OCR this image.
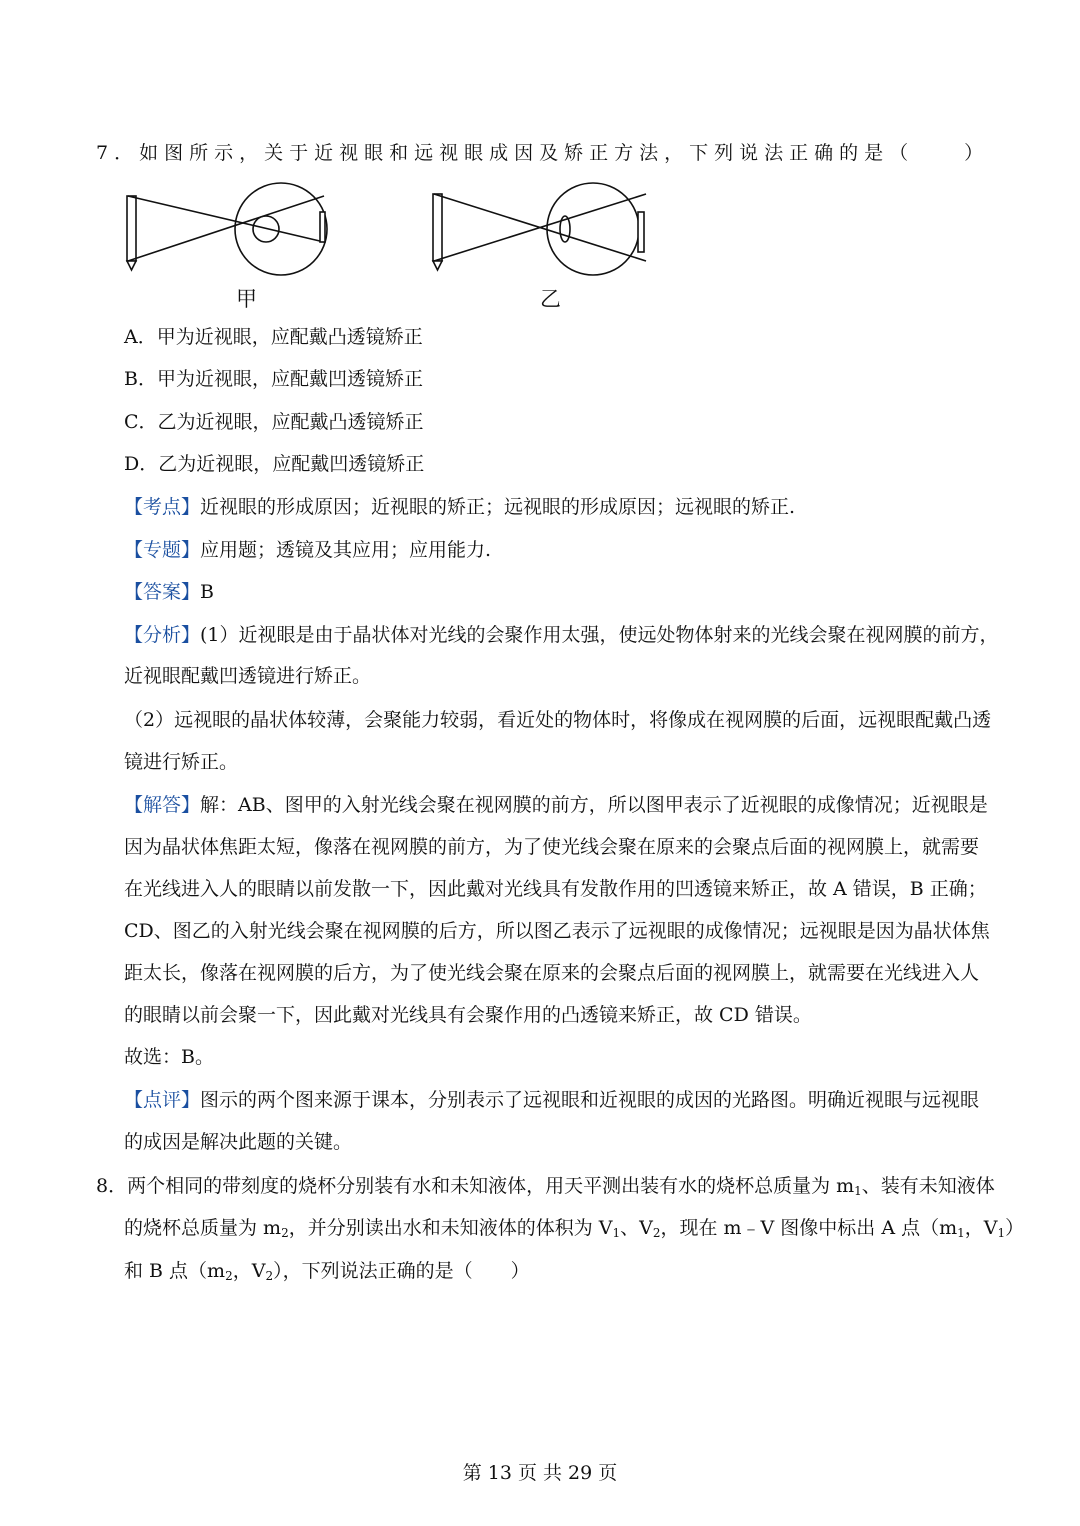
7．如图所示，关于近视眼和远视眼成因及矫正方法，下列说法正确的是（　　）
甲	乙
A．甲为近视眼，应配戴凸透镜矫正
B．甲为近视眼，应配戴凹透镜矫正
C．乙为近视眼，应配戴凸透镜矫正
D．乙为近视眼，应配戴凹透镜矫正
【考点】近视眼的形成原因；近视眼的矫正；远视眼的形成原因；远视眼的矫正.
【专题】应用题；透镜及其应用；应用能力.
【答案】B
【分析】(1）近视眼是由于晶状体对光线的会聚作用太强，使远处物体射来的光线会聚在视网膜的前方，
近视眼配戴凹透镜进行矫正。
（2）远视眼的晶状体较薄，会聚能力较弱，看近处的物体时，将像成在视网膜的后面，远视眼配戴凸透
镜进行矫正。
【解答】解：AB、图甲的入射光线会聚在视网膜的前方，所以图甲表示了近视眼的成像情况；近视眼是
因为晶状体焦距太短，像落在视网膜的前方，为了使光线会聚在原来的会聚点后面的视网膜上，就需要
在光线进入人的眼睛以前发散一下，因此戴对光线具有发散作用的凹透镜来矫正，故 A 错误，B 正确；
CD、图乙的入射光线会聚在视网膜的后方，所以图乙表示了远视眼的成像情况；远视眼是因为晶状体焦
距太长，像落在视网膜的后方，为了使光线会聚在原来的会聚点后面的视网膜上，就需要在光线进入人
的眼睛以前会聚一下，因此戴对光线具有会聚作用的凸透镜来矫正，故 CD 错误。
故选：B。
【点评】图示的两个图来源于课本，分别表示了远视眼和近视眼的成因的光路图。明确近视眼与远视眼
的成因是解决此题的关键。
8．两个相同的带刻度的烧杯分别装有水和未知液体，用天平测出装有水的烧杯总质量为 $m_1$、装有未知液体
的烧杯总质量为 $m_2$，并分别读出水和未知液体的体积为 $V_1$、$V_2$，现在 m﹣V 图像中标出 A 点（$m_1$，$V_1$）
和 B 点（$m_2$，$V_2$），下列说法正确的是（　　）
第 13 页 共 29 页
